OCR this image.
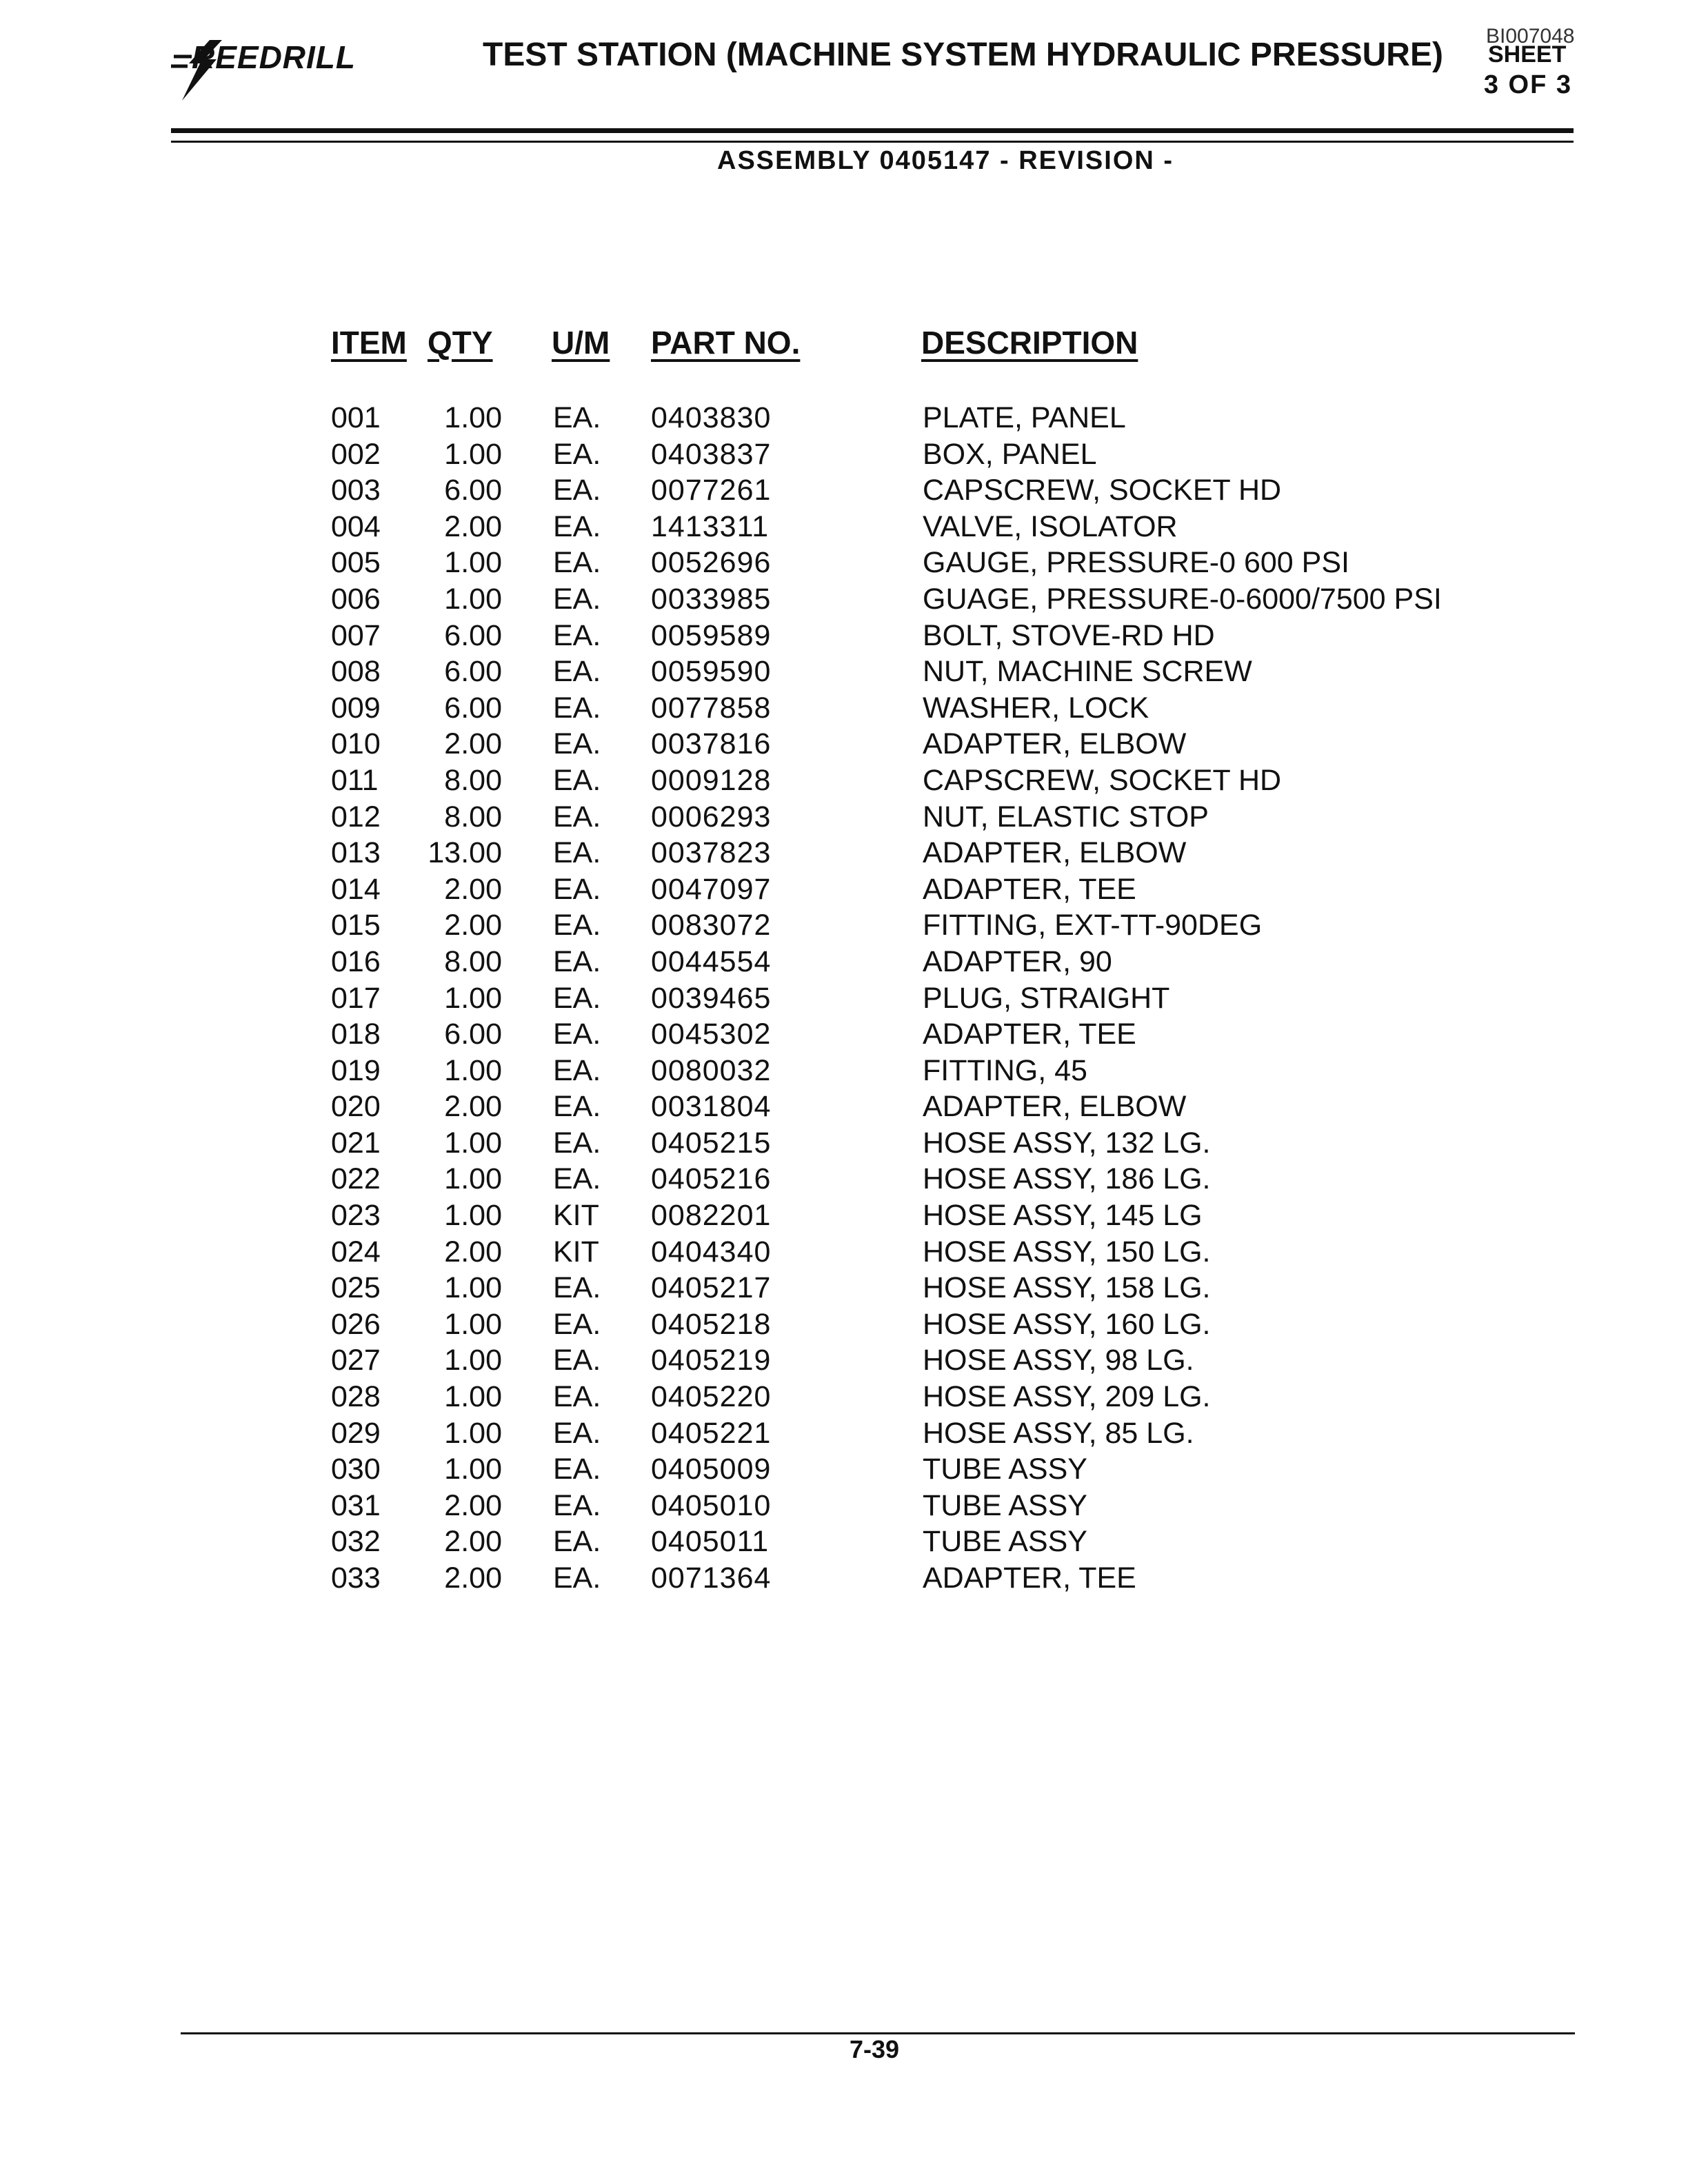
REEDRILL	TEST STATION (MACHINE SYSTEM HYDRAULIC PRESSURE)
BI007048
SHEET
3 OF 3
ASSEMBLY 0405147 - REVISION -
ITEM QTY U/M PART NO.	DESCRIPTION
001	1.00 EA. 0403830	PLATE, PANEL
002	1.00 EA. 0403837	BOX, PANEL
003	6.00 EA. 0077261	CAPSCREW, SOCKET HD
004	2.00 EA. 1413311	VALVE, ISOLATOR
005	1.00 EA. 0052696	GAUGE, PRESSURE-0 600 PSI
006	1.00 EA. 0033985	GUAGE, PRESSURE-0-6000/7500 PSI
007	6.00 EA. 0059589	BOLT, STOVE-RD HD
008	6.00 EA. 0059590	NUT, MACHINE SCREW
009	6.00 EA. 0077858	WASHER, LOCK
010	2.00 EA. 0037816	ADAPTER, ELBOW
011	8.00 EA. 0009128	CAPSCREW, SOCKET HD
012	8.00 EA. 0006293	NUT, ELASTIC STOP
013 13.00 EA. 0037823	ADAPTER, ELBOW
014	2.00 EA. 0047097	ADAPTER, TEE
015	2.00 EA. 0083072	FITTING, EXT-TT-90DEG
016	8.00 EA. 0044554	ADAPTER, 90
017	1.00 EA. 0039465	PLUG, STRAIGHT
018	6.00 EA. 0045302	ADAPTER, TEE
019	1.00 EA. 0080032	FITTING, 45
020	2.00 EA. 0031804	ADAPTER, ELBOW
021	1.00 EA. 0405215	HOSE ASSY, 132 LG.
022	1.00 EA. 0405216	HOSE ASSY, 186 LG.
023	1.00 KIT 0082201	HOSE ASSY, 145 LG
024	2.00 KIT 0404340	HOSE ASSY, 150 LG.
025	1.00 EA. 0405217	HOSE ASSY, 158 LG.
026	1.00 EA. 0405218	HOSE ASSY, 160 LG.
027	1.00 EA. 0405219	HOSE ASSY, 98 LG.
028	1.00 EA. 0405220	HOSE ASSY, 209 LG.
029	1.00 EA. 0405221	HOSE ASSY, 85 LG.
030	1.00 EA. 0405009	TUBE ASSY
031	2.00 EA. 0405010	TUBE ASSY
032	2.00 EA. 0405011	TUBE ASSY
033	2.00 EA. 0071364	ADAPTER, TEE
7-39
